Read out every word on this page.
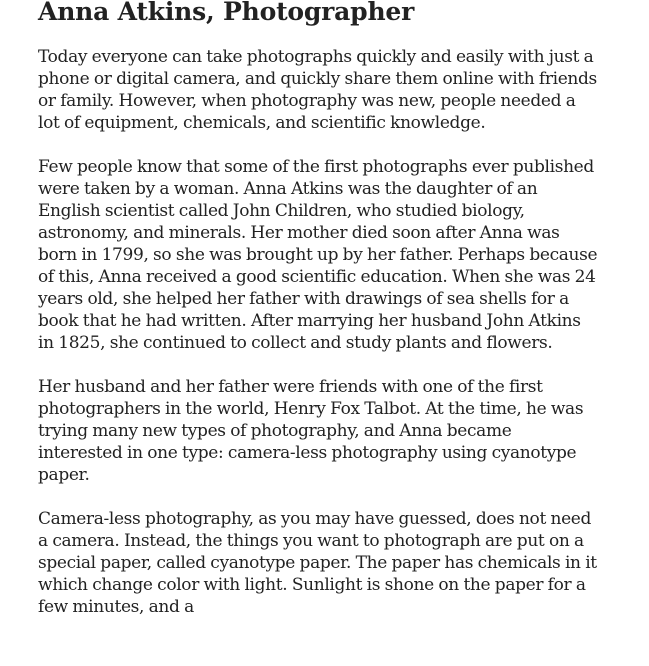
Anna Atkins, Photographer

Today everyone can take photographs quickly and easily with just a phone or digital camera, and quickly share them online with friends or family. However, when photography was new, people needed a lot of equipment, chemicals, and scientific knowledge.

Few people know that some of the first photographs ever published were taken by a woman. Anna Atkins was the daughter of an English scientist called John Children, who studied biology, astronomy, and minerals. Her mother died soon after Anna was born in 1799, so she was brought up by her father. Perhaps because of this, Anna received a good scientific education. When she was 24 years old, she helped her father with drawings of sea shells for a book that he had written. After marrying her husband John Atkins in 1825, she continued to collect and study plants and flowers.

Her husband and her father were friends with one of the first photographers in the world, Henry Fox Talbot. At the time, he was trying many new types of photography, and Anna became interested in one type: camera-less photography using cyanotype paper.

Camera-less photography, as you may have guessed, does not need a camera. Instead, the things you want to photograph are put on a special paper, called cyanotype paper. The paper has chemicals in it which change color with light. Sunlight is shone on the paper for a few minutes, and a
